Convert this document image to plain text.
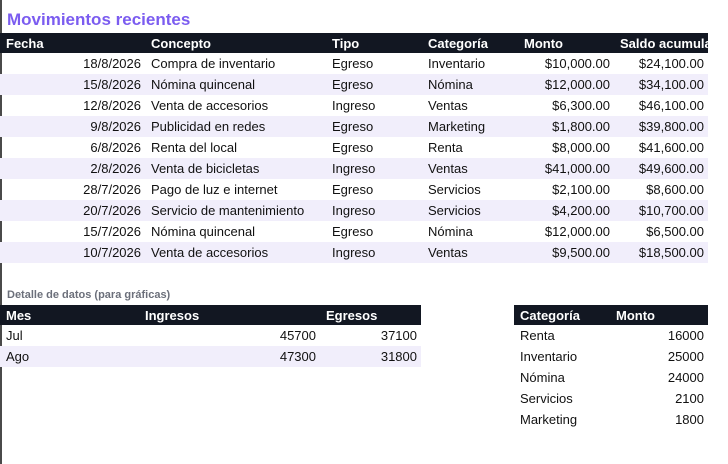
Movimientos recientes
Fecha	Concepto	Tipo	Categoría	Monto	Saldo acumulado
18/8/2026	Compra de inventario	Egreso	Inventario	$10,000.00	$24,100.00
15/8/2026	Nómina quincenal	Egreso	Nómina	$12,000.00	$34,100.00
12/8/2026	Venta de accesorios	Ingreso	Ventas	$6,300.00	$46,100.00
9/8/2026	Publicidad en redes	Egreso	Marketing	$1,800.00	$39,800.00
6/8/2026	Renta del local	Egreso	Renta	$8,000.00	$41,600.00
2/8/2026	Venta de bicicletas	Ingreso	Ventas	$41,000.00	$49,600.00
28/7/2026	Pago de luz e internet	Egreso	Servicios	$2,100.00	$8,600.00
20/7/2026	Servicio de mantenimiento	Ingreso	Servicios	$4,200.00	$10,700.00
15/7/2026	Nómina quincenal	Egreso	Nómina	$12,000.00	$6,500.00
10/7/2026	Venta de accesorios	Ingreso	Ventas	$9,500.00	$18,500.00
Detalle de datos (para gráficas)
Mes	Ingresos	Egresos
Jul	45700	37100
Ago	47300	31800
Categoría	Monto
Renta	16000
Inventario	25000
Nómina	24000
Servicios	2100
Marketing	1800
